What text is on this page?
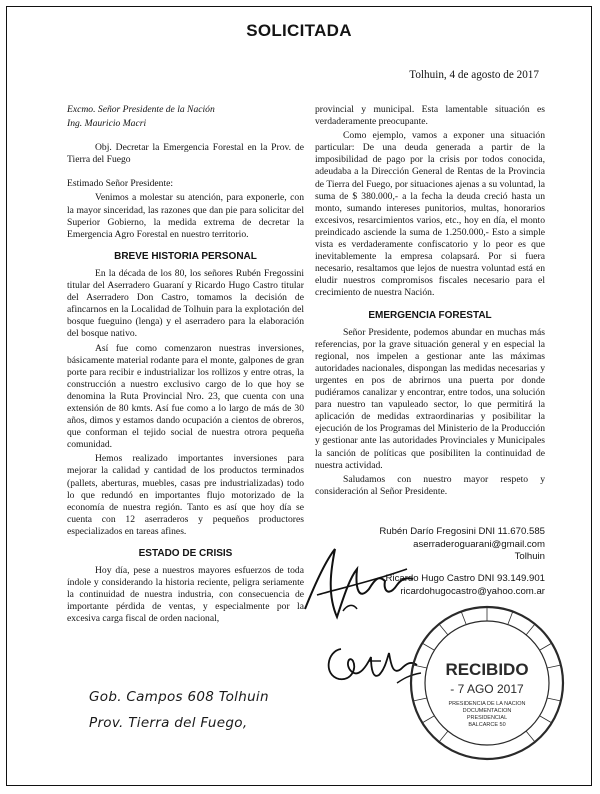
SOLICITADA
Tolhuin, 4 de agosto de 2017

Excmo. Señor Presidente de la Nación

Ing. Mauricio Macri

Obj. Decretar la Emergencia Forestal en la Prov. de Tierra del Fuego

Estimado Señor Presidente:

Venimos a molestar su atención, para exponerle, con la mayor sinceridad, las razones que dan pie para solicitar del Superior Gobierno, la medida extrema de decretar la Emergencia Agro Forestal en nuestro territorio.

BREVE HISTORIA PERSONAL

En la década de los 80, los señores Rubén Fregossini titular del Aserradero Guaraní y Ricardo Hugo Castro titular del Aserradero Don Castro, tomamos la decisión de afincarnos en la Localidad de Tolhuin para la explotación del bosque fueguino (lenga) y el aserradero para la elaboración del bosque nativo.

Así fue como comenzaron nuestras inversiones, básicamente material rodante para el monte, galpones de gran porte para recibir e industrializar los rollizos y entre otras, la construcción a nuestro exclusivo cargo de lo que hoy se denomina la Ruta Provincial Nro. 23, que cuenta con una extensión de 80 kmts. Así fue como a lo largo de más de 30 años, dimos y estamos dando ocupación a cientos de obreros, que conforman el tejido social de nuestra otrora pequeña comunidad.

Hemos realizado importantes inversiones para mejorar la calidad y cantidad de los productos terminados (pallets, aberturas, muebles, casas pre industrializadas) todo lo que redundó en importantes flujo motorizado de la economía de nuestra región. Tanto es así que hoy día se cuenta con 12 aserraderos y pequeños productores especializados en tareas afines.

ESTADO DE CRISIS

Hoy día, pese a nuestros mayores esfuerzos de toda índole y considerando la historia reciente, peligra seriamente la continuidad de nuestra industria, con consecuencia de importante pérdida de ventas, y especialmente por la excesiva carga fiscal de orden nacional,

provincial y municipal. Esta lamentable situación es verdaderamente preocupante.

Como ejemplo, vamos a exponer una situación particular: De una deuda generada a partir de la imposibilidad de pago por la crisis por todos conocida, adeudaba a la Dirección General de Rentas de la Provincia de Tierra del Fuego, por situaciones ajenas a su voluntad, la suma de $ 380.000,- a la fecha la deuda creció hasta un monto, sumando intereses punitorios, multas, honorarios excesivos, resarcimientos varios, etc., hoy en día, el monto preindicado asciende la suma de 1.250.000,- Esto a simple vista es verdaderamente confiscatorio y lo peor es que inevitablemente la empresa colapsará. Por si fuera necesario, resaltamos que lejos de nuestra voluntad está en eludir nuestros compromisos fiscales necesario para el crecimiento de nuestra Nación.

EMERGENCIA FORESTAL

Señor Presidente, podemos abundar en muchas más referencias, por la grave situación general y en especial la regional, nos impelen a gestionar ante las máximas autoridades nacionales, dispongan las medidas necesarias y urgentes en pos de abrirnos una puerta por donde pudiéramos canalizar y encontrar, entre todos, una solución para nuestro tan vapuleado sector, lo que permitirá la aplicación de medidas extraordinarias y posibilitar la ejecución de los Programas del Ministerio de la Producción y gestionar ante las autoridades Provinciales y Municipales la sanción de políticas que posibiliten la continuidad de nuestra actividad.

Saludamos con nuestro mayor respeto y consideración al Señor Presidente.

Rubén Darío Fregosini DNI 11.670.585
aserraderoguarani@gmail.com
Tolhuin
Ricardo Hugo Castro DNI 93.149.901
ricardohugocastro@yahoo.com.ar
Gob. Campos 608 Tolhuin
Prov. Tierra del Fuego,
RECIBIDO
- 7 AGO 2017
PRESIDENCIA DE LA NACION
DOCUMENTACION
PRESIDENCIAL
BALCARCE 50
